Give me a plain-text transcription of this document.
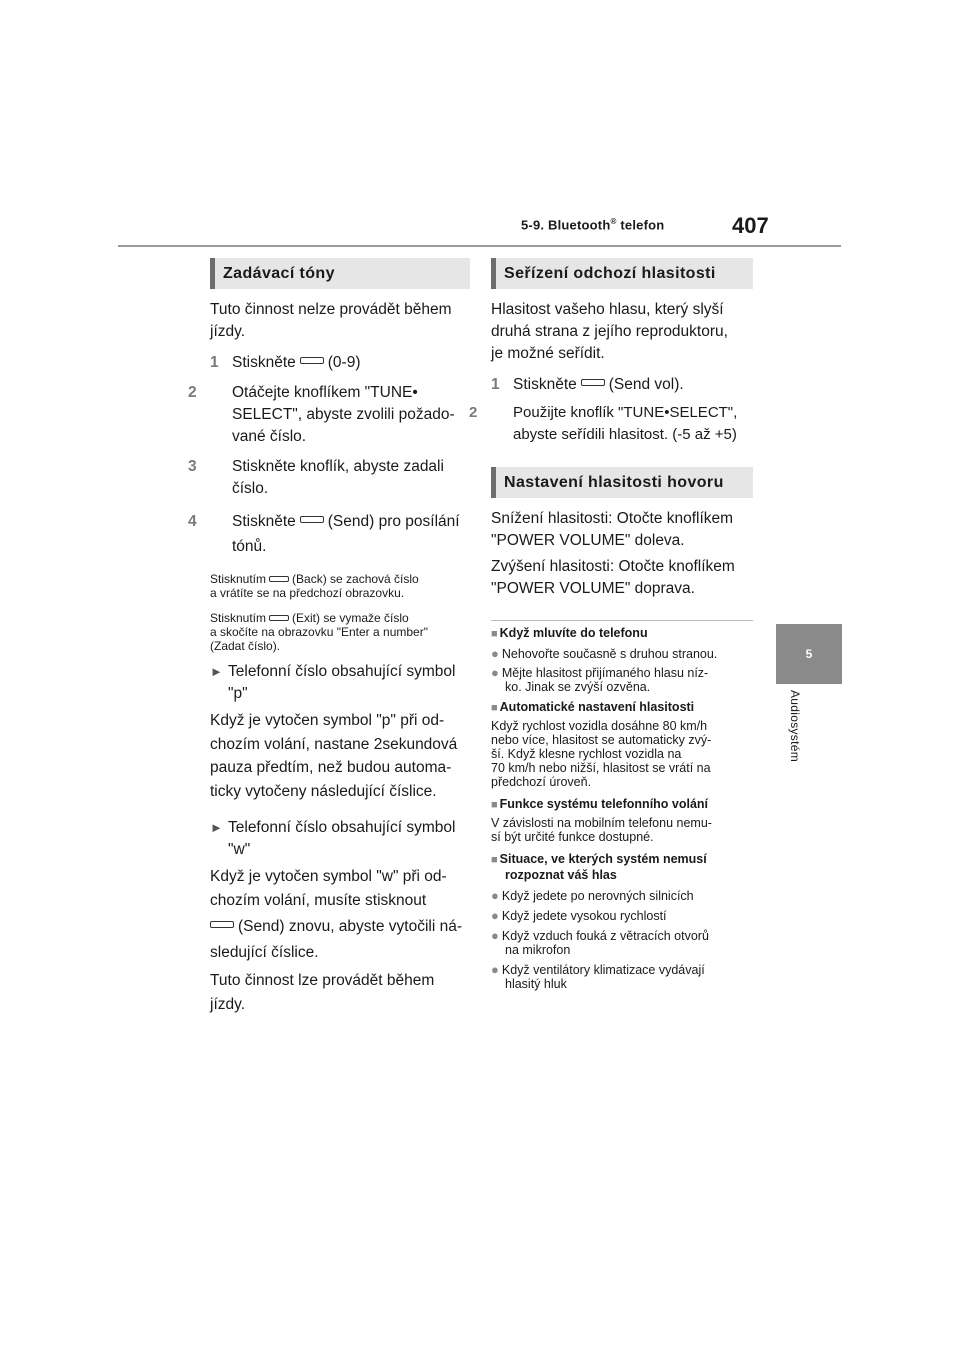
5-9. Bluetooth® telefon	407
5
Audiosystém
Zadávací tóny
Tuto činnost nelze provádět během
jízdy.
1 Stiskněte (0-9)
2 Otáčejte knoflíkem "TUNE•
SELECT", abyste zvolili požado-
vané číslo.
3 Stiskněte knoflík, abyste zadali
číslo.
4 Stiskněte (Send) pro posílání
tónů.
Stisknutím (Back) se zachová číslo
a vrátíte se na předchozí obrazovku.
Stisknutím (Exit) se vymaže číslo
a skočíte na obrazovku "Enter a number"
(Zadat číslo).
► Telefonní číslo obsahující symbol
"p"
Když je vytočen symbol "p" při od-
chozím volání, nastane 2sekundová
pauza předtím, než budou automa-
ticky vytočeny následující číslice.
► Telefonní číslo obsahující symbol
"w"
Když je vytočen symbol "w" při od-
chozím volání, musíte stisknout
(Send) znovu, abyste vytočili ná-
sledující číslice.
Tuto činnost lze provádět během
jízdy.
Seřízení odchozí hlasitosti
Hlasitost vašeho hlasu, který slyší
druhá strana z jejího reproduktoru,
je možné seřídit.
1 Stiskněte (Send vol).
2 Použijte knoflík "TUNE•SELECT",
abyste seřídili hlasitost. (-5 až +5)
Nastavení hlasitosti hovoru
Snížení hlasitosti: Otočte knoflíkem
"POWER VOLUME" doleva.
Zvýšení hlasitosti: Otočte knoflíkem
"POWER VOLUME" doprava.
■ Když mluvíte do telefonu
● Nehovořte současně s druhou stranou.
● Mějte hlasitost přijímaného hlasu níz-
ko. Jinak se zvýší ozvěna.
■ Automatické nastavení hlasitosti
Když rychlost vozidla dosáhne 80 km/h
nebo více, hlasitost se automaticky zvý-
ší. Když klesne rychlost vozidla na
70 km/h nebo nižší, hlasitost se vrátí na
předchozí úroveň.
■ Funkce systému telefonního volání
V závislosti na mobilním telefonu nemu-
sí být určité funkce dostupné.
■ Situace, ve kterých systém nemusí
rozpoznat váš hlas
● Když jedete po nerovných silnicích
● Když jedete vysokou rychlostí
● Když vzduch fouká z větracích otvorů
na mikrofon
● Když ventilátory klimatizace vydávají
hlasitý hluk
